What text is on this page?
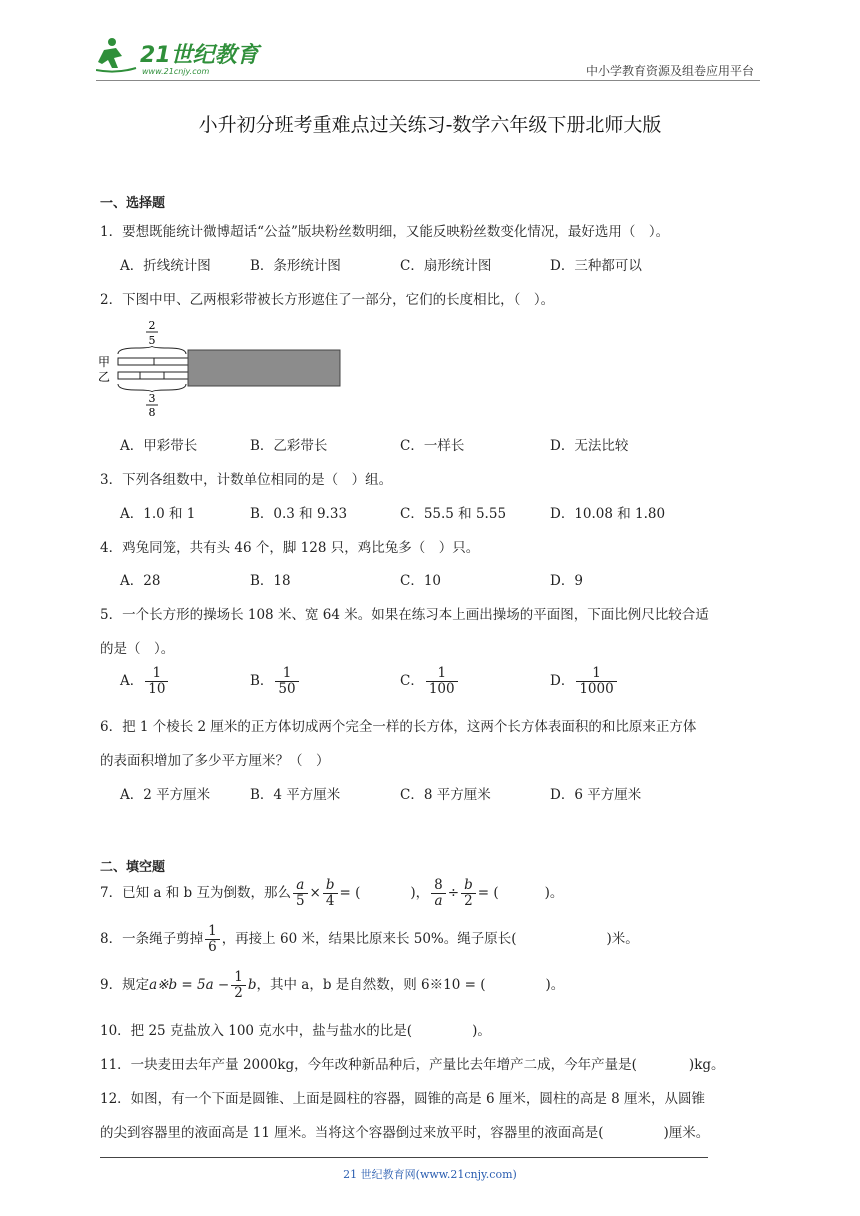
21世纪教育
www.21cnjy.com	中小学教育资源及组卷应用平台
小升初分班考重难点过关练习-数学六年级下册北师大版
一、选择题
1．要想既能统计微博超话“公益”版块粉丝数明细，又能反映粉丝数变化情况，最好选用（　）。
A．折线统计图	B．条形统计图	C．扇形统计图	D．三种都可以
2．下图中甲、乙两根彩带被长方形遮住了一部分，它们的长度相比，（　）。
2
5
甲
乙
3
8
A．甲彩带长	B．乙彩带长	C．一样长	D．无法比较
3．下列各组数中，计数单位相同的是（　）组。
A．1.0 和 1	B．0.3 和 9.33	C．55.5 和 5.55	D．10.08 和 1.80
4．鸡兔同笼，共有头 46 个，脚 128 只，鸡比兔多（　）只。
A．28	B．18	C．10	D．9
5．一个长方形的操场长 108 米、宽 64 米。如果在练习本上画出操场的平面图，下面比例尺比较合适
的是（　）。
A． $\frac{1}{10}$	B． $\frac{1}{50}$	C． $\frac{1}{100}$	D． $\frac{1}{1000}$
6．把 1 个棱长 2 厘米的正方体切成两个完全一样的长方体，这两个长方体表面积的和比原来正方体
的表面积增加了多少平方厘米？（　）
A．2 平方厘米	B．4 平方厘米	C．8 平方厘米	D．6 平方厘米
二、填空题
7．已知 a 和 b 互为倒数，那么 $\frac{a}{5} \times \frac{b}{4}$ = (	)， $\frac{8}{a} \div \frac{b}{2}$ = (	)。
8．一条绳子剪掉 $\frac{1}{6}$ ，再接上 60 米，结果比原来长 50%。绳子原长(	)米。
9．规定a※b = $5a - \frac{1}{2}$ b，其中 a，b 是自然数，则 6※10 = (	)。
10．把 25 克盐放入 100 克水中，盐与盐水的比是(	)。
11．一块麦田去年产量 2000kg，今年改种新品种后，产量比去年增产二成，今年产量是(	)kg。
12．如图，有一个下面是圆锥、上面是圆柱的容器，圆锥的高是 6 厘米，圆柱的高是 8 厘米，从圆锥
的尖到容器里的液面高是 11 厘米。当将这个容器倒过来放平时，容器里的液面高是(	)厘米。
21 世纪教育网(www.21cnjy.com)
